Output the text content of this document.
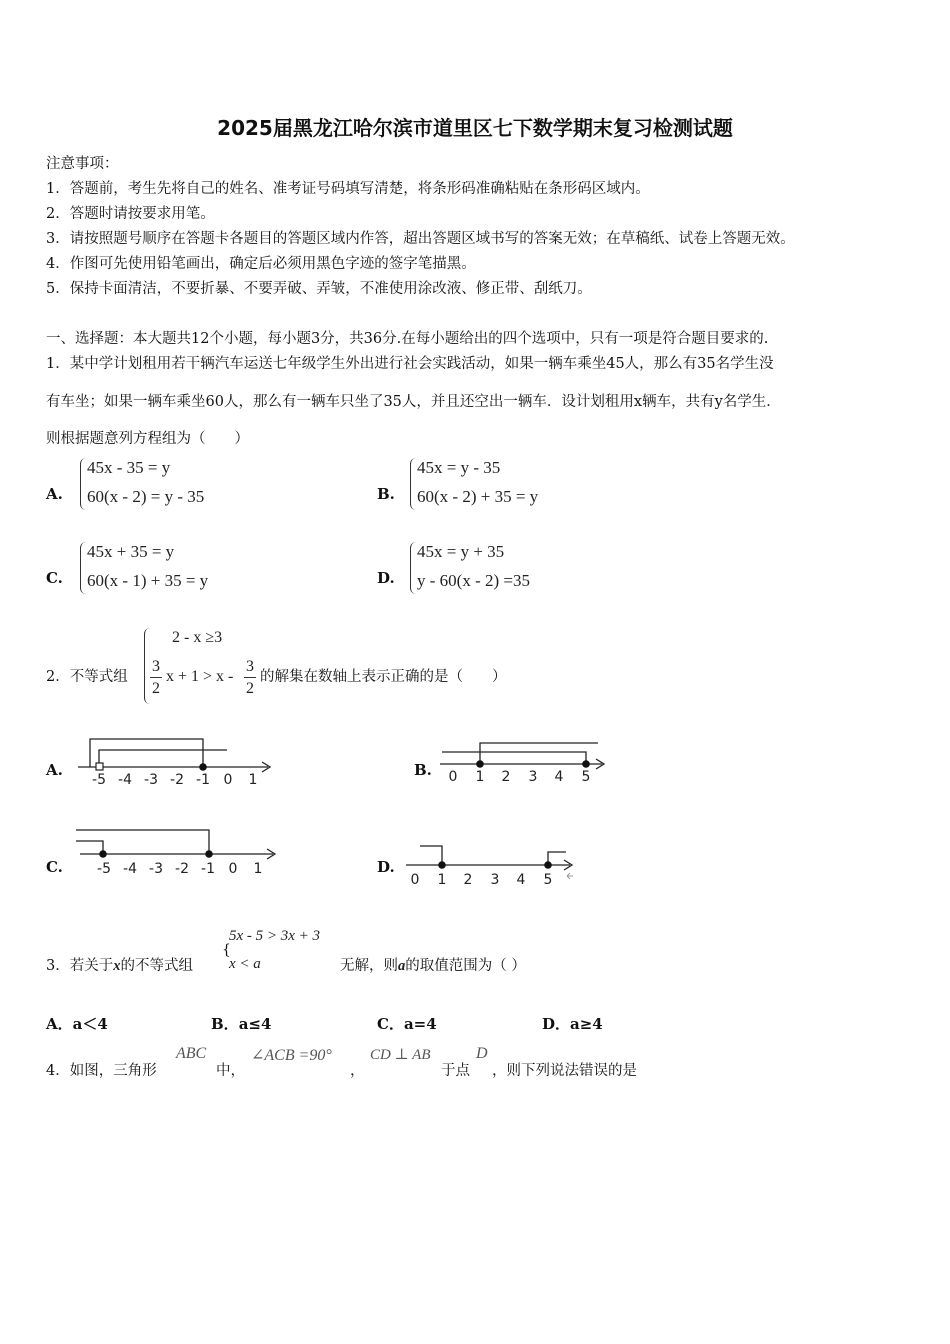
2025届黑龙江哈尔滨市道里区七下数学期末复习检测试题
注意事项：
1．答题前，考生先将自己的姓名、准考证号码填写清楚，将条形码准确粘贴在条形码区域内。
2．答题时请按要求用笔。
3．请按照题号顺序在答题卡各题目的答题区域内作答，超出答题区域书写的答案无效；在草稿纸、试卷上答题无效。
4．作图可先使用铅笔画出，确定后必须用黑色字迹的签字笔描黑。
5．保持卡面清洁，不要折暴、不要弄破、弄皱，不准使用涂改液、修正带、刮纸刀。
一、选择题：本大题共12个小题，每小题3分，共36分.在每小题给出的四个选项中，只有一项是符合题目要求的.
1．某中学计划租用若干辆汽车运送七年级学生外出进行社会实践活动，如果一辆车乘坐45人，那么有35名学生没
有车坐；如果一辆车乘坐60人，那么有一辆车只坐了35人，并且还空出一辆车．设计划租用x辆车，共有y名学生．
则根据题意列方程组为（　　）
A.
45x - 35 = y
60(x - 2) = y - 35	B.
45x = y - 35
60(x - 2) + 35 = y
C.
45x + 35 = y
60(x - 1) + 35 = y	D.
45x = y + 35
y - 60(x - 2) =35
2．不等式组
2 - x ≥3
3
2
x + 1 > x -
3
2
的解集在数轴上表示正确的是（　　）
A.
-5 -4 -3 -2 -1 0 1
B. 0 1 2 3 4 5
C. -5 -4 -3 -2 -1 0 1	D.
0 1 2 3 4 5
3．若关于x的不等式组
{
5x - 5 > 3x + 3
x < a	无解，则a的取值范围为（ ）
A．a＜4	B．a≤4	C．a=4	D．a≥4
4．如图，三角形
ABC
中，
∠ACB =90°
，
CD ⊥ AB
于点
D
，则下列说法错误的是
